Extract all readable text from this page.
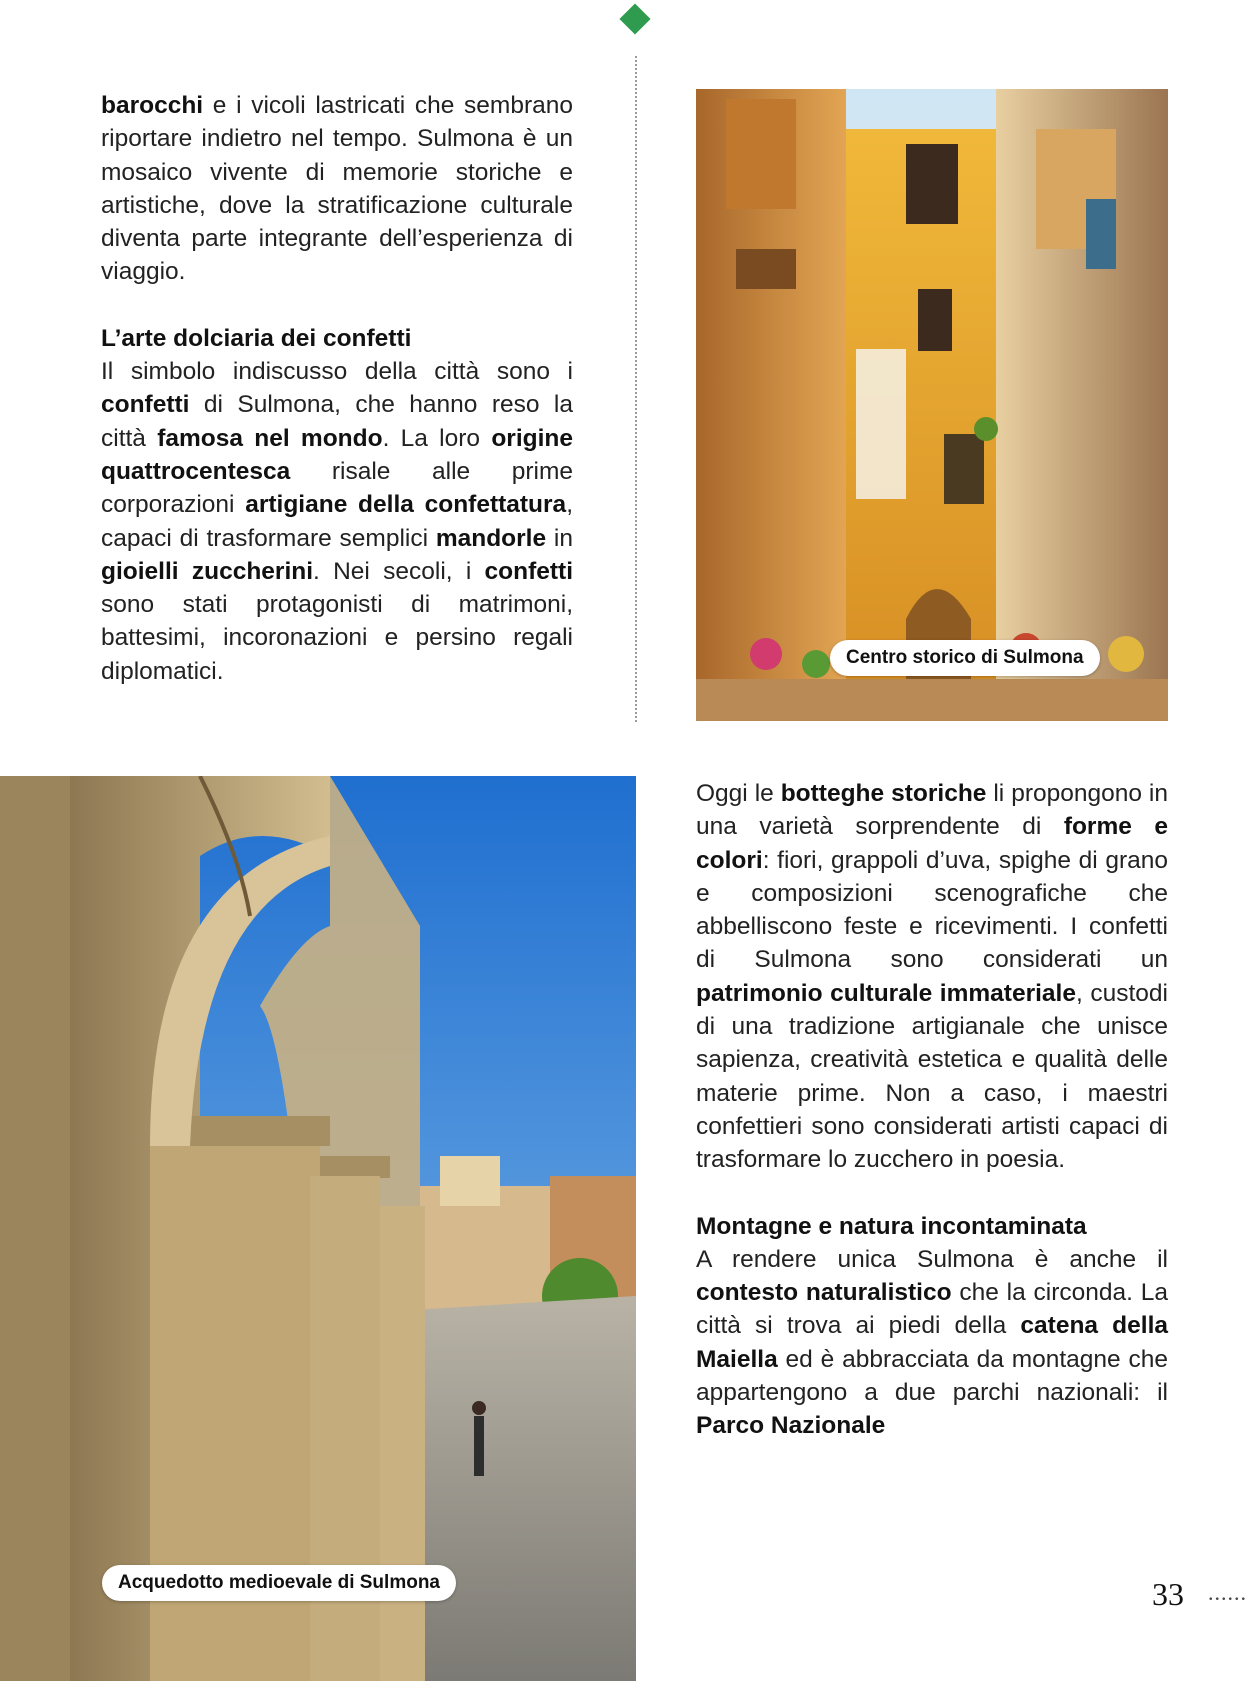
barocchi e i vicoli lastricati che sembrano riportare indietro nel tempo. Sulmona è un mosaico vivente di memorie storiche e artistiche, dove la stratificazione culturale diventa parte integrante dell’esperienza di viaggio.

L’arte dolciaria dei confetti

Il simbolo indiscusso della città sono i confetti di Sulmona, che hanno reso la città famosa nel mondo. La loro origine quattrocentesca risale alle prime corporazioni artigiane della confettatura, capaci di trasformare semplici mandorle in gioielli zuccherini. Nei secoli, i confetti sono stati protagonisti di matrimoni, battesimi, incoronazioni e persino regali diplomatici.

Centro storico di Sulmona
Acquedotto medioevale di Sulmona

Oggi le botteghe storiche li propongono in una varietà sorprendente di forme e colori: fiori, grappoli d’uva, spighe di grano e composizioni scenografiche che abbelliscono feste e ricevimenti. I confetti di Sulmona sono considerati un patrimonio culturale immateriale, custodi di una tradizione artigianale che unisce sapienza, creatività estetica e qualità delle materie prime. Non a caso, i maestri confettieri sono considerati artisti capaci di trasformare lo zucchero in poesia.

Montagne e natura incontaminata

A rendere unica Sulmona è anche il contesto naturalistico che la circonda. La città si trova ai piedi della catena della Maiella ed è abbracciata da montagne che appartengono a due parchi nazionali: il Parco Nazionale

33 ......
